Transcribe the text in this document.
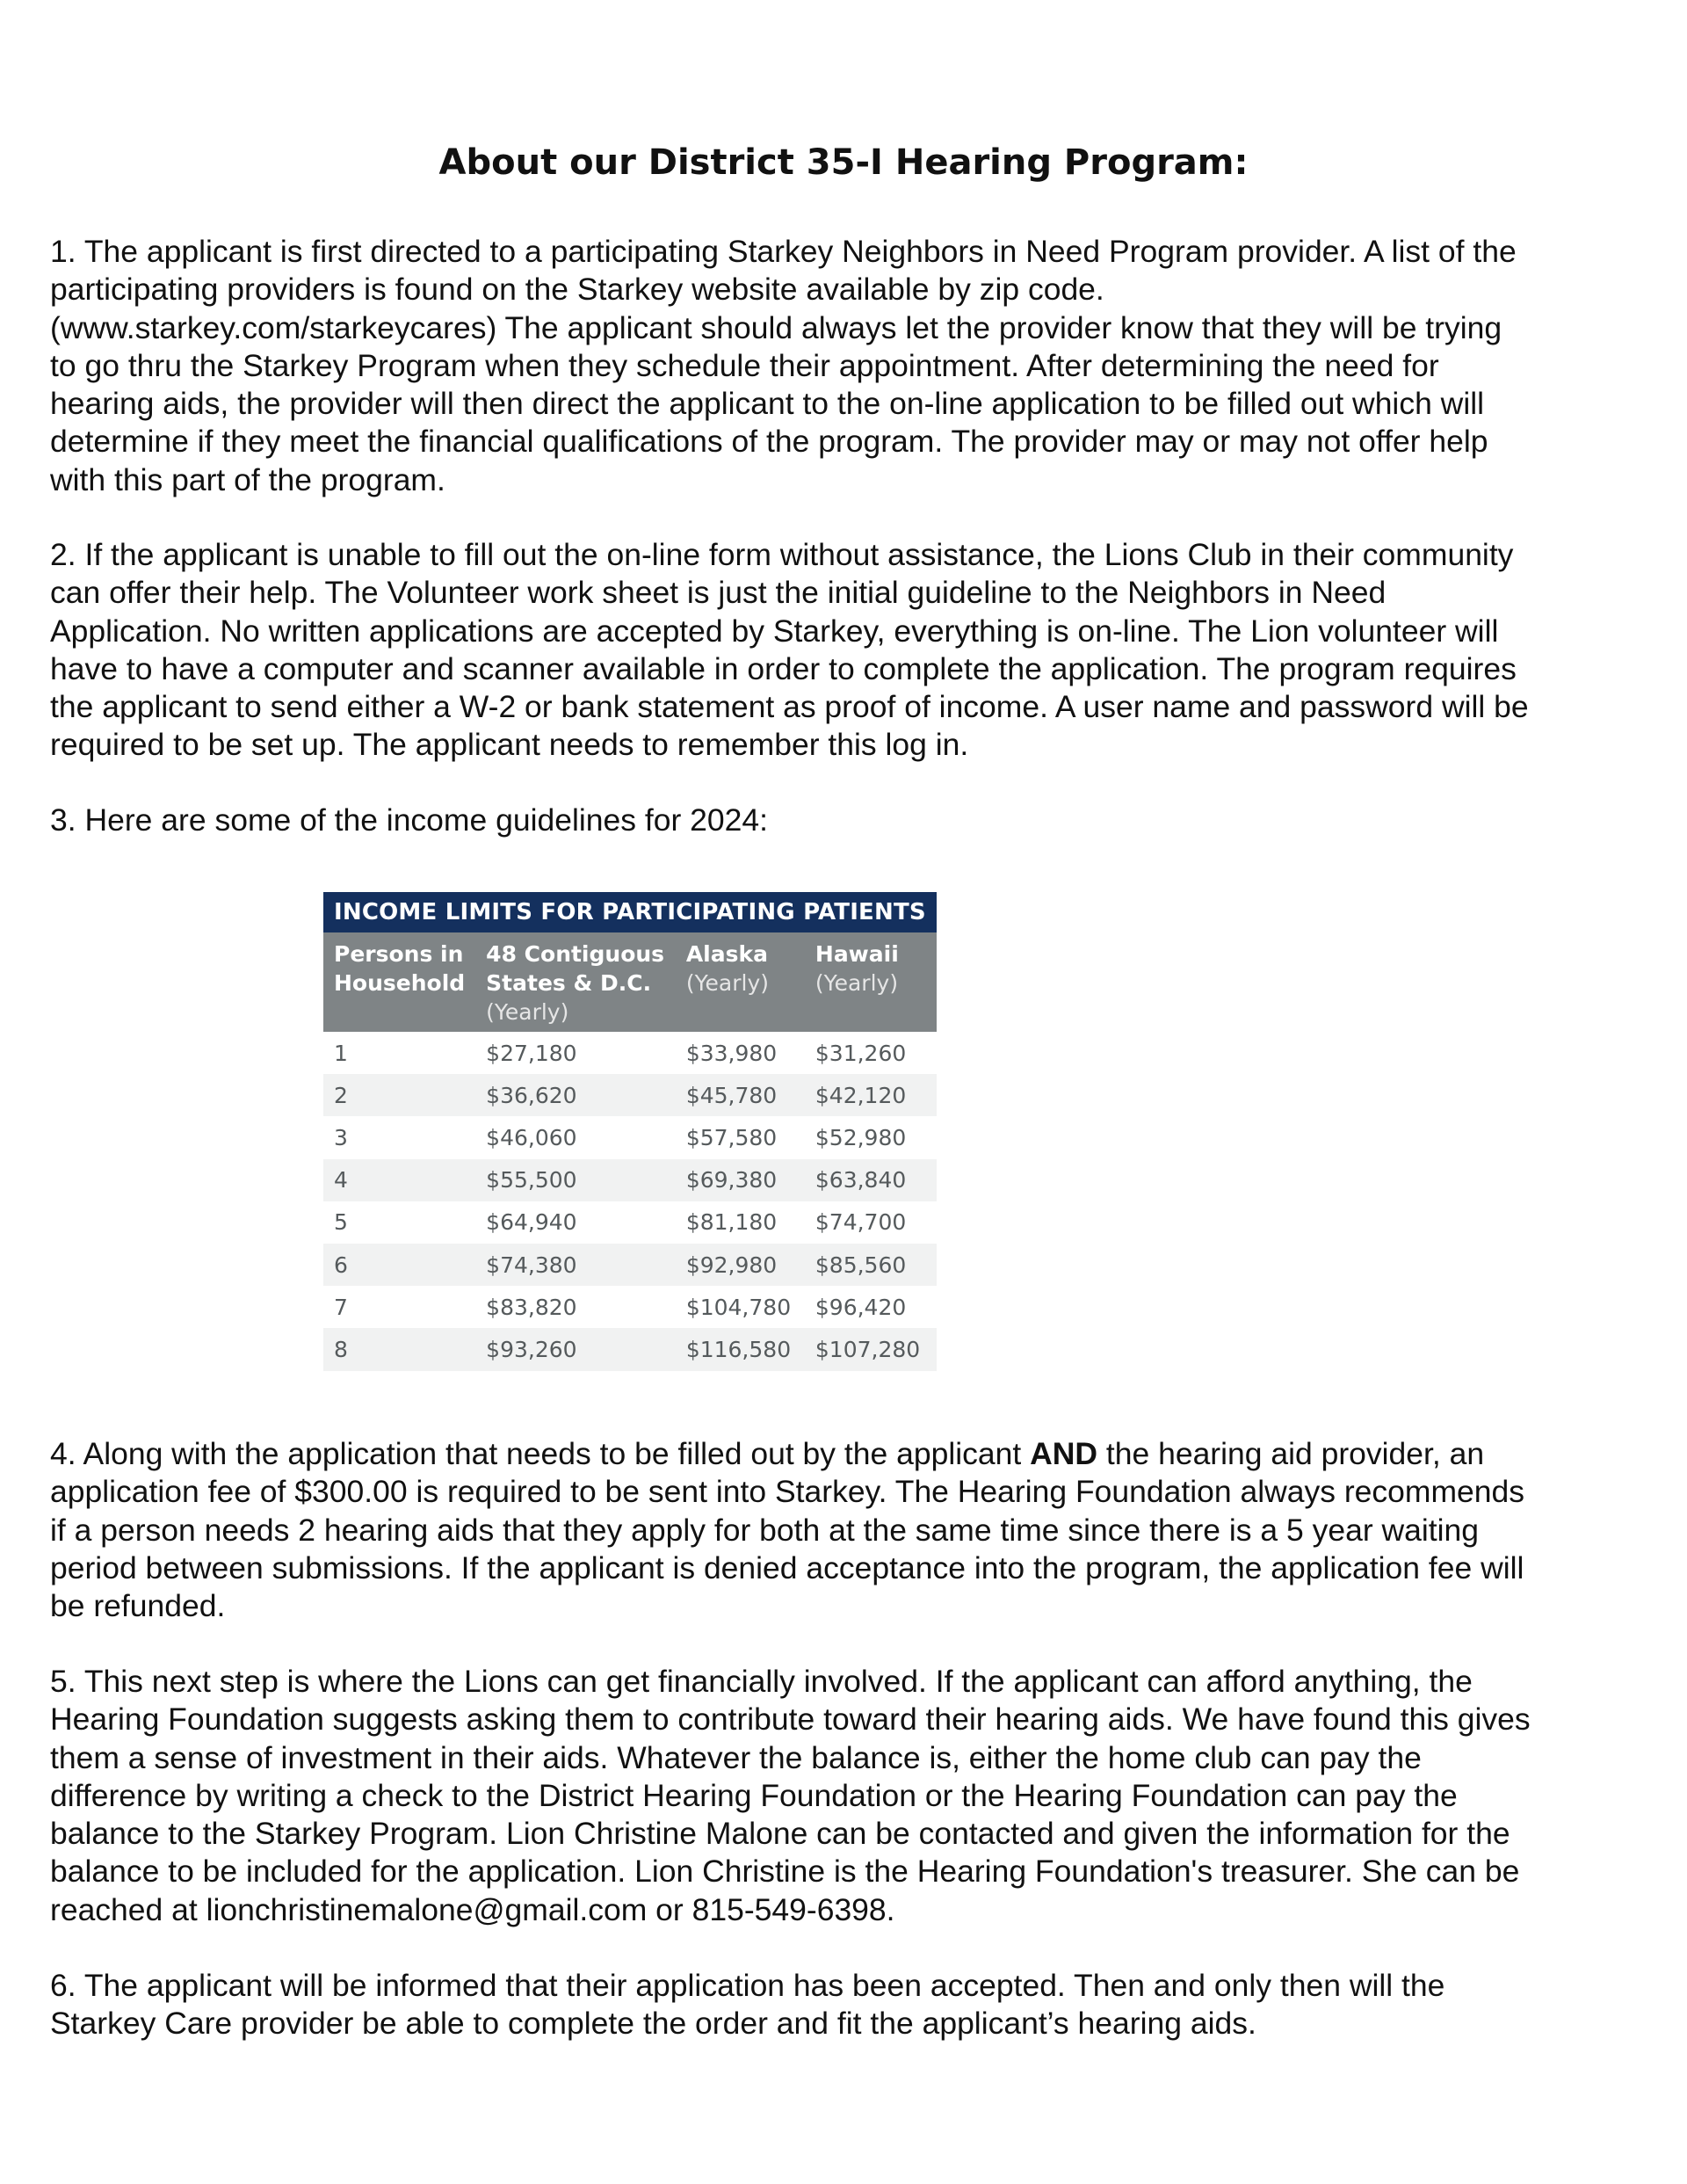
About our District 35-I Hearing Program:

1. The applicant is first directed to a participating Starkey Neighbors in Need Program provider. A list of the
participating providers is found on the Starkey website available by zip code.
(www.starkey.com/starkeycares) The applicant should always let the provider know that they will be trying
to go thru the Starkey Program when they schedule their appointment. After determining the need for
hearing aids, the provider will then direct the applicant to the on-line application to be filled out which will
determine if they meet the financial qualifications of the program. The provider may or may not offer help
with this part of the program.

2. If the applicant is unable to fill out the on-line form without assistance, the Lions Club in their community
can offer their help. The Volunteer work sheet is just the initial guideline to the Neighbors in Need
Application. No written applications are accepted by Starkey, everything is on-line. The Lion volunteer will
have to have a computer and scanner available in order to complete the application. The program requires
the applicant to send either a W-2 or bank statement as proof of income. A user name and password will be
required to be set up. The applicant needs to remember this log in.

3. Here are some of the income guidelines for 2024:

INCOME LIMITS FOR PARTICIPATING PATIENTS			
Persons in
Household	48 Contiguous
States & D.C.
(Yearly)	Alaska
(Yearly)	Hawaii
(Yearly)

1	$27,180	$33,980	$31,260
2	$36,620	$45,780	$42,120
3	$46,060	$57,580	$52,980
4	$55,500	$69,380	$63,840
5	$64,940	$81,180	$74,700
6	$74,380	$92,980	$85,560
7	$83,820	$104,780	$96,420
8	$93,260	$116,580	$107,280

4. Along with the application that needs to be filled out by the applicant AND the hearing aid provider, an
application fee of $300.00 is required to be sent into Starkey. The Hearing Foundation always recommends
if a person needs 2 hearing aids that they apply for both at the same time since there is a 5 year waiting
period between submissions. If the applicant is denied acceptance into the program, the application fee will
be refunded.

5. This next step is where the Lions can get financially involved. If the applicant can afford anything, the
Hearing Foundation suggests asking them to contribute toward their hearing aids. We have found this gives
them a sense of investment in their aids. Whatever the balance is, either the home club can pay the
difference by writing a check to the District Hearing Foundation or the Hearing Foundation can pay the
balance to the Starkey Program. Lion Christine Malone can be contacted and given the information for the
balance to be included for the application. Lion Christine is the Hearing Foundation's treasurer. She can be
reached at lionchristinemalone@gmail.com or 815-549-6398.

6. The applicant will be informed that their application has been accepted. Then and only then will the
Starkey Care provider be able to complete the order and fit the applicant’s hearing aids.
